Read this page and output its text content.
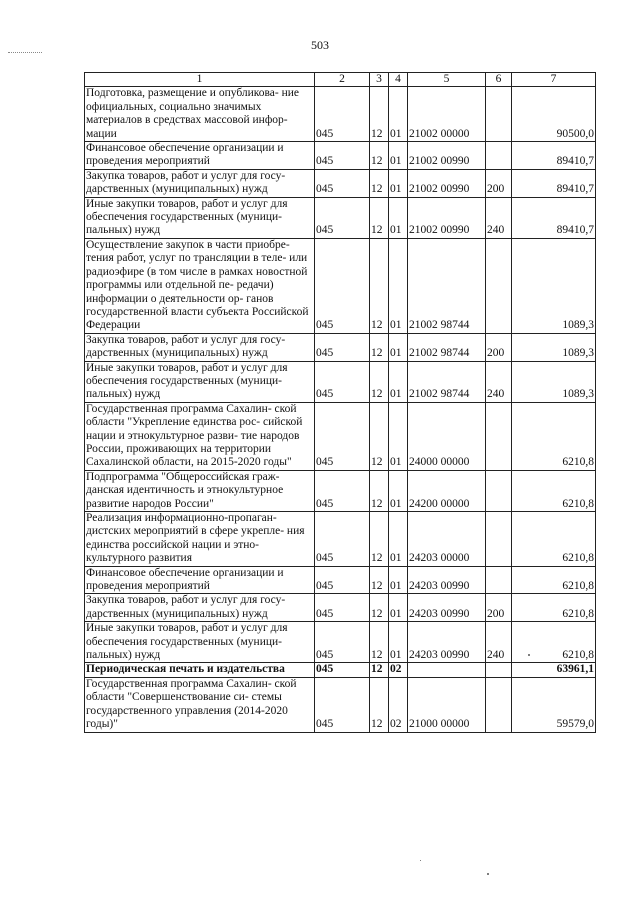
503
1	2	3	4	5	6	7
Подготовка, размещение и опубликова- ние официальных, социально значимых материалов в средствах массовой инфор- мации	045	12	01	21002 00000		90500,0
Финансовое обеспечение организации и проведения мероприятий	045	12	01	21002 00990		89410,7
Закупка товаров, работ и услуг для госу- дарственных (муниципальных) нужд	045	12	01	21002 00990	200	89410,7
Иные закупки товаров, работ и услуг для обеспечения государственных (муници- пальных) нужд	045	12	01	21002 00990	240	89410,7
Осуществление закупок в части приобре- тения работ, услуг по трансляции в теле- или радиоэфире (в том числе в рамках новостной программы или отдельной пе- редачи) информации о деятельности ор- ганов государственной власти субъекта Российской Федерации	045	12	01	21002 98744		1089,3
Закупка товаров, работ и услуг для госу- дарственных (муниципальных) нужд	045	12	01	21002 98744	200	1089,3
Иные закупки товаров, работ и услуг для обеспечения государственных (муници- пальных) нужд	045	12	01	21002 98744	240	1089,3
Государственная программа Сахалин- ской области "Укрепление единства рос- сийской нации и этнокультурное разви- тие народов России, проживающих на территории Сахалинской области, на 2015-2020 годы"	045	12	01	24000 00000		6210,8
Подпрограмма "Общероссийская граж- данская идентичность и этнокультурное развитие народов России"	045	12	01	24200 00000		6210,8
Реализация информационно-пропаган- дистских мероприятий в сфере укрепле- ния единства российской нации и этно- культурного развития	045	12	01	24203 00000		6210,8
Финансовое обеспечение организации и проведения мероприятий	045	12	01	24203 00990		6210,8
Закупка товаров, работ и услуг для госу- дарственных (муниципальных) нужд	045	12	01	24203 00990	200	6210,8
Иные закупки товаров, работ и услуг для обеспечения государственных (муници- пальных) нужд	045	12	01	24203 00990	240	6210,8
Периодическая печать и издательства	045	12	02			63961,1
Государственная программа Сахалин- ской области "Совершенствование си- стемы государственного управления (2014-2020 годы)"	045	12	02	21000 00000		59579,0
